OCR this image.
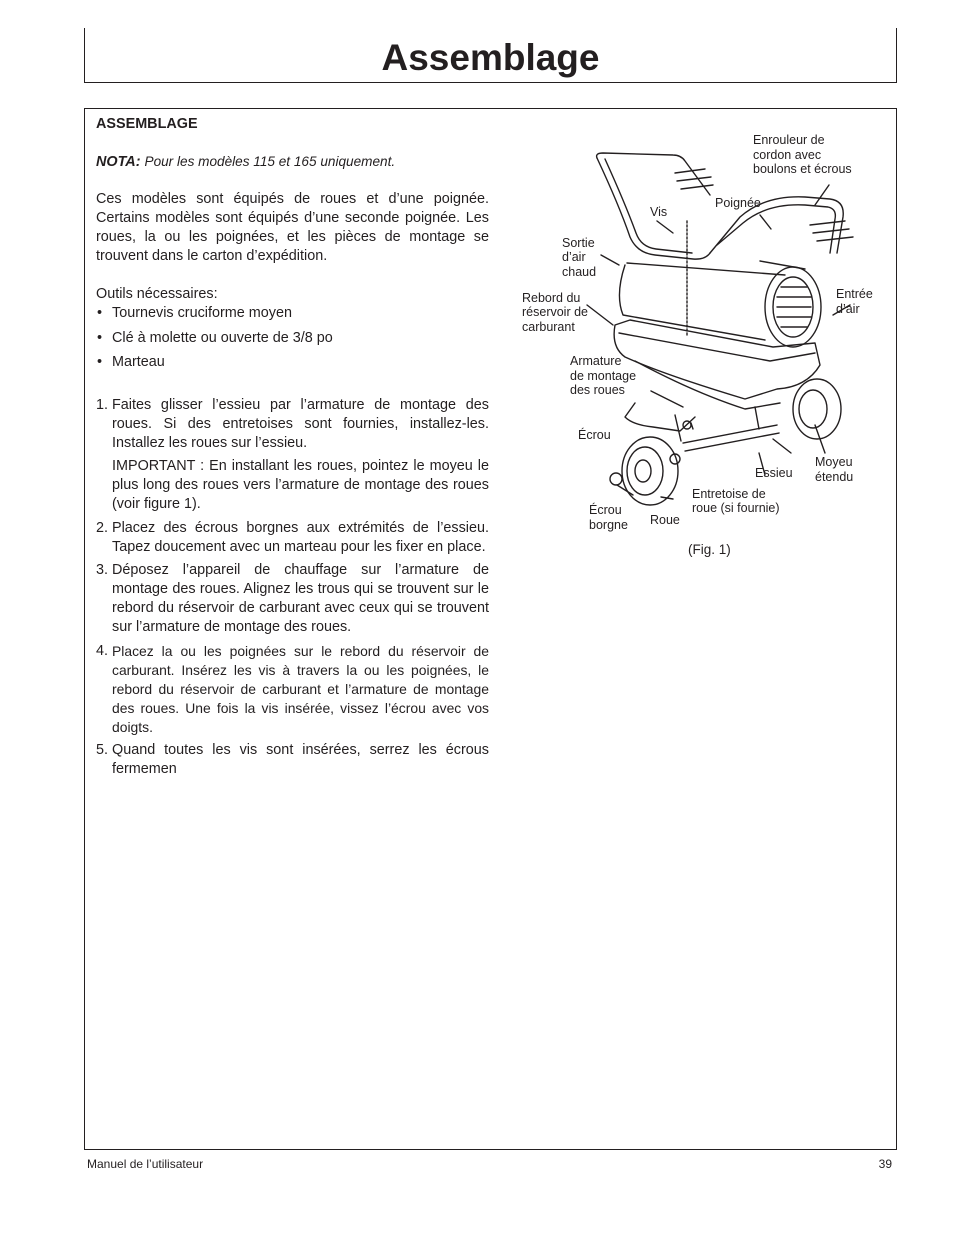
Assemblage

ASSEMBLAGE

NOTA: Pour les modèles 115 et 165 uniquement.

Ces modèles sont équipés de roues et d’une poignée. Certains modèles sont équipés d’une seconde poignée. Les roues, la ou les poignées, et les pièces de montage se trouvent dans le carton d’expédition.

Outils nécessaires:

• Tournevis cruciforme moyen
• Clé à molette ou ouverte de 3/8 po
• Marteau
1. Faites glisser l’essieu par l’armature de montage des roues. Si des entretoises sont fournies, installez-les. Installez les roues sur l’essieu.

IMPORTANT : En installant les roues, pointez le moyeu le plus long des roues vers l’armature de montage des roues (voir figure 1).

2. Placez des écrous borgnes aux extrémités de l’essieu. Tapez doucement avec un marteau pour les fixer en place.

3. Déposez l’appareil de chauffage sur l’armature de montage des roues. Alignez les trous qui se trouvent sur le rebord du réservoir de carburant avec ceux qui se trouvent sur l’armature de montage des roues.

4. Placez la ou les poignées sur le rebord du réservoir de carburant. Insérez les vis à travers la ou les poignées, le rebord du réservoir de carburant et l’armature de montage des roues. Une fois la vis insérée, vissez l’écrou avec vos doigts.

5. Quand toutes les vis sont insérées, serrez les écrous fermemen

Enrouleur de cordon avec boulons et écrous
Poignée
Vis
Sortie d’air chaud
Entrée d’air
Rebord du réservoir de carburant
Armature de montage des roues
Écrou
Essieu
Moyeu étendu
Entretoise de roue (si fournie)
Écrou borgne Roue
(Fig. 1)
Manuel de l’utilisateur	39
